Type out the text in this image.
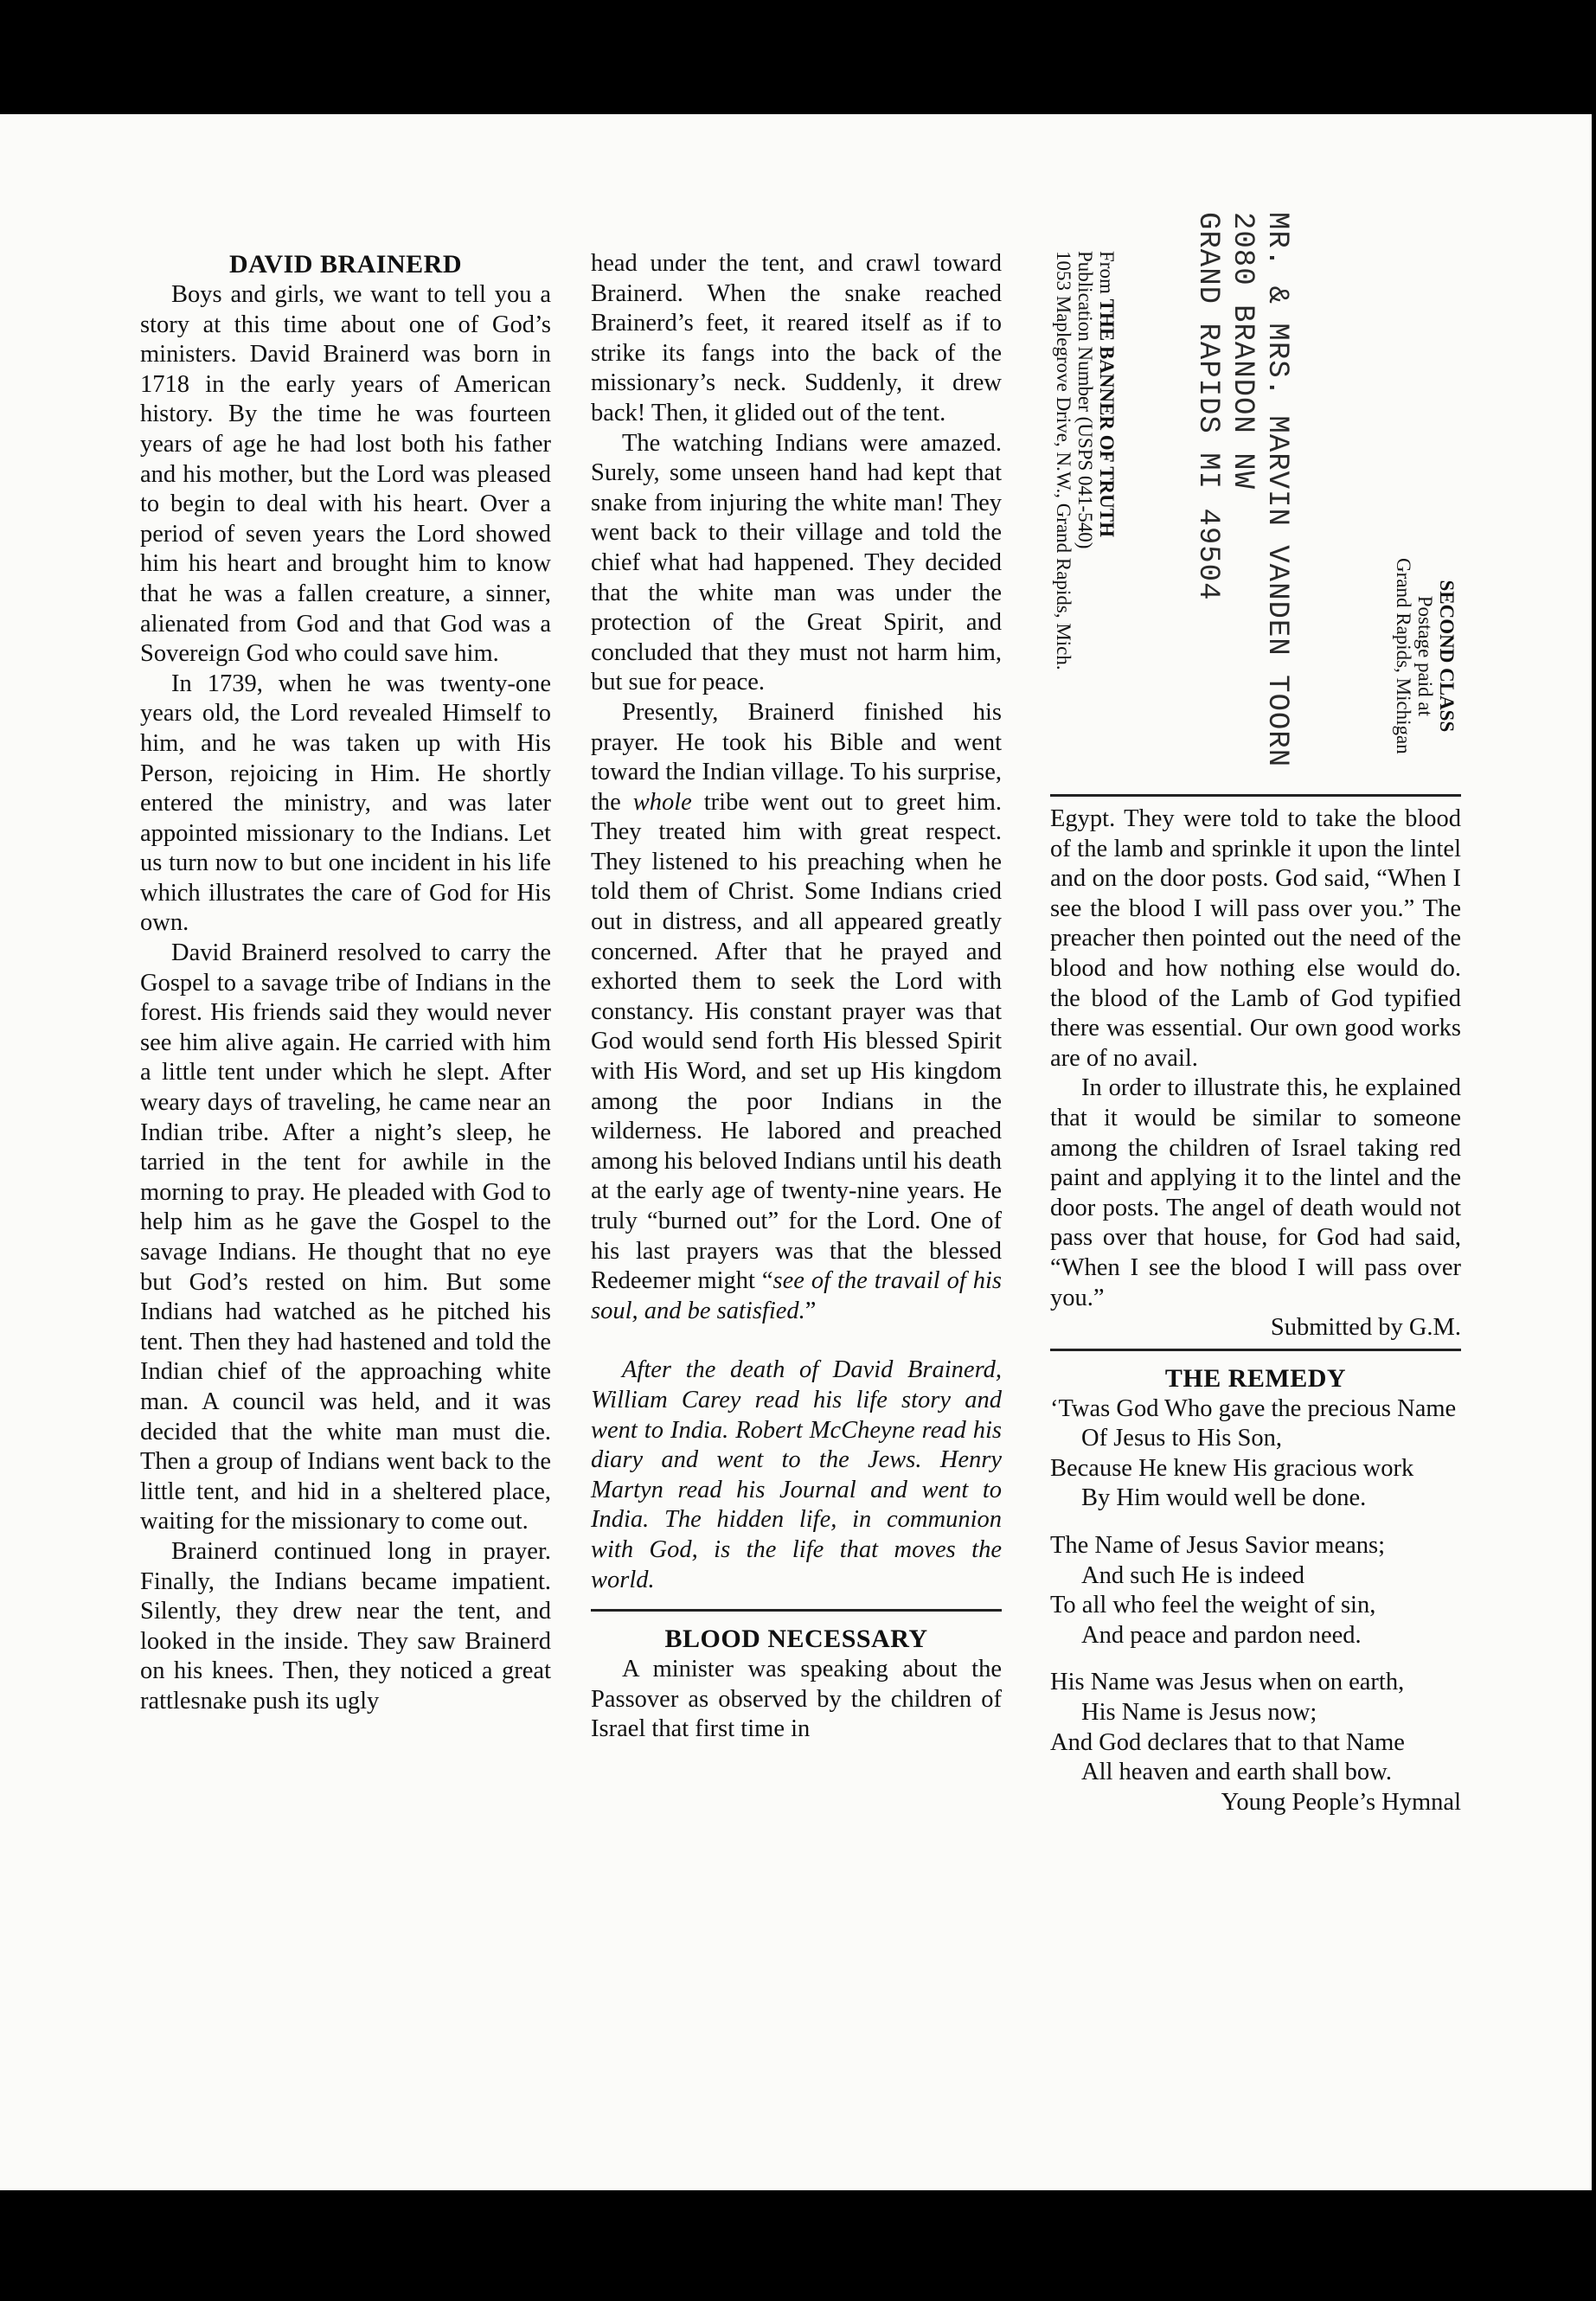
DAVID BRAINERD

Boys and girls, we want to tell you a story at this time about one of God’s ministers. David Brainerd was born in 1718 in the early years of American history. By the time he was fourteen years of age he had lost both his father and his mother, but the Lord was pleased to begin to deal with his heart. Over a period of seven years the Lord showed him his heart and brought him to know that he was a fallen creature, a sinner, alienated from God and that God was a Sovereign God who could save him.

In 1739, when he was twenty-one years old, the Lord revealed Himself to him, and he was taken up with His Person, rejoicing in Him. He shortly entered the ministry, and was later appointed missionary to the Indians. Let us turn now to but one incident in his life which illustrates the care of God for His own.

David Brainerd resolved to carry the Gospel to a savage tribe of Indians in the forest. His friends said they would never see him alive again. He carried with him a little tent under which he slept. After weary days of traveling, he came near an Indian tribe. After a night’s sleep, he tarried in the tent for awhile in the morning to pray. He pleaded with God to help him as he gave the Gospel to the savage Indians. He thought that no eye but God’s rested on him. But some Indians had watched as he pitched his tent. Then they had hastened and told the Indian chief of the approaching white man. A council was held, and it was decided that the white man must die. Then a group of Indians went back to the little tent, and hid in a sheltered place, waiting for the missionary to come out.

Brainerd continued long in prayer. Finally, the Indians became impatient. Silently, they drew near the tent, and looked in the inside. They saw Brainerd on his knees. Then, they noticed a great rattlesnake push its ugly

head under the tent, and crawl toward Brainerd. When the snake reached Brainerd’s feet, it reared itself as if to strike its fangs into the back of the missionary’s neck. Suddenly, it drew back! Then, it glided out of the tent.

The watching Indians were amazed. Surely, some unseen hand had kept that snake from injuring the white man! They went back to their village and told the chief what had happened. They decided that the white man was under the protection of the Great Spirit, and concluded that they must not harm him, but sue for peace.

Presently, Brainerd finished his prayer. He took his Bible and went toward the Indian village. To his surprise, the whole tribe went out to greet him. They treated him with great respect. They listened to his preaching when he told them of Christ. Some Indians cried out in distress, and all appeared greatly concerned. After that he prayed and exhorted them to seek the Lord with constancy. His constant prayer was that God would send forth His blessed Spirit with His Word, and set up His kingdom among the poor Indians in the wilderness. He labored and preached among his beloved Indians until his death at the early age of twenty-nine years. He truly “burned out” for the Lord. One of his last prayers was that the blessed Redeemer might “see of the travail of his soul, and be satisfied.”

After the death of David Brainerd, William Carey read his life story and went to India. Robert McCheyne read his diary and went to the Jews. Henry Martyn read his Journal and went to India. The hidden life, in communion with God, is the life that moves the world.

BLOOD NECESSARY

A minister was speaking about the Passover as observed by the children of Israel that first time in

Egypt. They were told to take the blood of the lamb and sprinkle it upon the lintel and on the door posts. God said, “When I see the blood I will pass over you.” The preacher then pointed out the need of the blood and how nothing else would do. the blood of the Lamb of God typified there was essential. Our own good works are of no avail.

In order to illustrate this, he explained that it would be similar to someone among the children of Israel taking red paint and applying it to the lintel and the door posts. The angel of death would not pass over that house, for God had said, “When I see the blood I will pass over you.”

Submitted by G.M.
THE REMEDY
‘Twas God Who gave the precious Name
Of Jesus to His Son,
Because He knew His gracious work
By Him would well be done.
The Name of Jesus Savior means;
And such He is indeed
To all who feel the weight of sin,
And peace and pardon need.
His Name was Jesus when on earth,
His Name is Jesus now;
And God declares that to that Name
All heaven and earth shall bow.
Young People’s Hymnal
SECOND CLASS
Postage paid at
Grand Rapids, Michigan
MR. & MRS. MARVIN VANDEN TOORN
2080 BRANDON NW
GRAND RAPIDS MI 49504
From THE BANNER OF TRUTH
Publication Number (USPS 041-540)
1053 Maplegrove Drive, N.W., Grand Rapids, Mich.
